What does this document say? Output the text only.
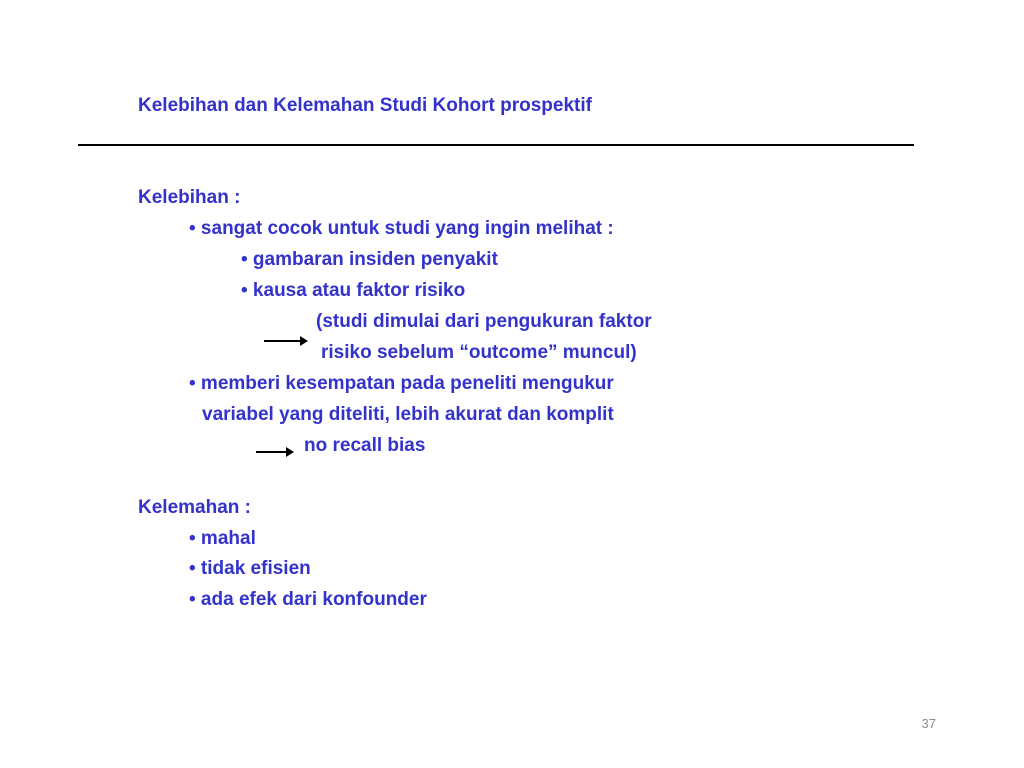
Kelebihan dan Kelemahan Studi Kohort prospektif
Kelebihan :
• sangat cocok untuk studi yang ingin melihat :
• gambaran insiden penyakit
• kausa atau faktor risiko
(studi dimulai dari pengukuran faktor
risiko sebelum “outcome” muncul)
• memberi kesempatan pada peneliti mengukur
variabel yang diteliti, lebih akurat dan komplit
no recall bias
Kelemahan :
• mahal
• tidak efisien
• ada efek dari konfounder
37
